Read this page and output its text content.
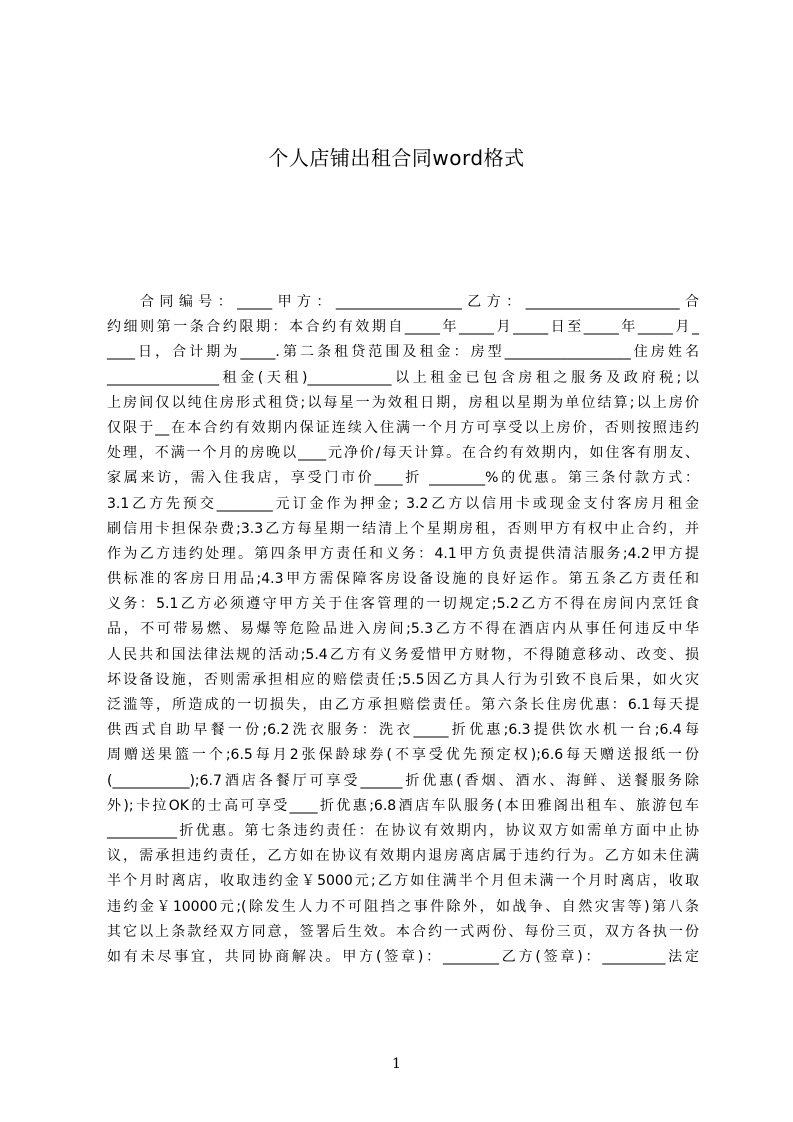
个人店铺出租合同word格式
合同编号：_____甲方：__________________乙方：______________________合
约细则第一条合约限期：本合约有效期自_____年_____月_____日至_____年_____月_
____日，合计期为_____.第二条租贷范围及租金：房型__________________住房姓名
________________租金(天租)____________以上租金已包含房租之服务及政府税;以
上房间仅以纯住房形式租贷;以每星一为效租日期，房租以星期为单位结算;以上房价
仅限于__在本合约有效期内保证连续入住满一个月方可享受以上房价，否则按照违约
处理，不满一个月的房晚以____元净价/每天计算。在合约有效期内，如住客有朋友、
家属来访，需入住我店，享受门市价____折 ________%的优惠。第三条付款方式：
3.1乙方先预交________元订金作为押金; 3.2乙方以信用卡或现金支付客房月租金
刷信用卡担保杂费;3.3乙方每星期一结清上个星期房租，否则甲方有权中止合约，并
作为乙方违约处理。第四条甲方责任和义务：4.1甲方负责提供清洁服务;4.2甲方提
供标准的客房日用品;4.3甲方需保障客房设备设施的良好运作。第五条乙方责任和
义务：5.1乙方必须遵守甲方关于住客管理的一切规定;5.2乙方不得在房间内烹饪食
品，不可带易燃、易爆等危险品进入房间;5.3乙方不得在酒店内从事任何违反中华
人民共和国法律法规的活动;5.4乙方有义务爱惜甲方财物，不得随意移动、改变、损
坏设备设施，否则需承担相应的赔偿责任;5.5因乙方具人行为引致不良后果，如火灾
泛滥等，所造成的一切损失，由乙方承担赔偿责任。第六条长住房优惠：6.1每天提
供西式自助早餐一份;6.2洗衣服务：洗衣_____折优惠;6.3提供饮水机一台;6.4每
周赠送果篮一个;6.5每月2张保龄球券(不享受优先预定权);6.6每天赠送报纸一份
(___________);6.7酒店各餐厅可享受______折优惠(香烟、酒水、海鲜、送餐服务除
外);卡拉OK的士高可享受____折优惠;6.8酒店车队服务(本田雅阁出租车、旅游包车
__________折优惠。第七条违约责任：在协议有效期内，协议双方如需单方面中止协
议，需承担违约责任，乙方如在协议有效期内退房离店属于违约行为。乙方如未住满
半个月时离店，收取违约金￥5000元;乙方如住满半个月但未满一个月时离店，收取
违约金￥10000元;(除发生人力不可阻挡之事件除外，如战争、自然灾害等)第八条
其它以上条款经双方同意，签署后生效。本合约一式两份、每份三页，双方各执一份
如有未尽事宜，共同协商解决。甲方(签章)：________乙方(签章)：_________法定
1
